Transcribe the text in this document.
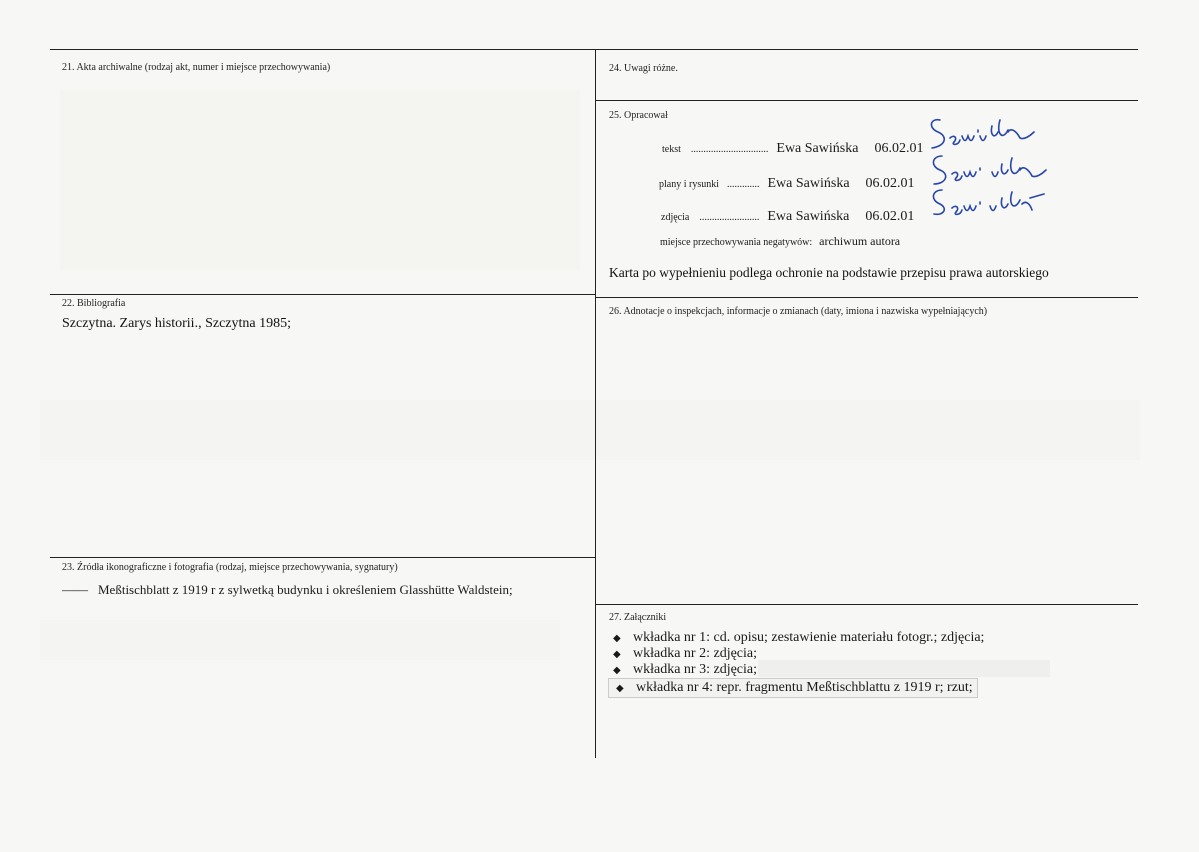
21. Akta archiwalne (rodzaj akt, numer i miejsce przechowywania)
22. Bibliografia
Szczytna. Zarys historii., Szczytna 1985;
23. Źródła ikonograficzne i fotografia (rodzaj, miejsce przechowywania, sygnatury)
—— Meßtischblatt z 1919 r z sylwetką budynku i określeniem Glasshütte Waldstein;
24. Uwagi różne.
25. Opracował
tekst ............................... Ewa Sawińska 06.02.01
plany i rysunki ............. Ewa Sawińska 06.02.01
zdjęcia ........................ Ewa Sawińska 06.02.01
miejsce przechowywania negatywów: archiwum autora
Karta po wypełnieniu podlega ochronie na podstawie przepisu prawa autorskiego
26. Adnotacje o inspekcjach, informacje o zmianach (daty, imiona i nazwiska wypełniających)
27. Załączniki
◆ wkładka nr 1: cd. opisu; zestawienie materiału fotogr.; zdjęcia;
◆ wkładka nr 2: zdjęcia;
◆ wkładka nr 3: zdjęcia;
◆ wkładka nr 4: repr. fragmentu Meßtischblattu z 1919 r; rzut;
